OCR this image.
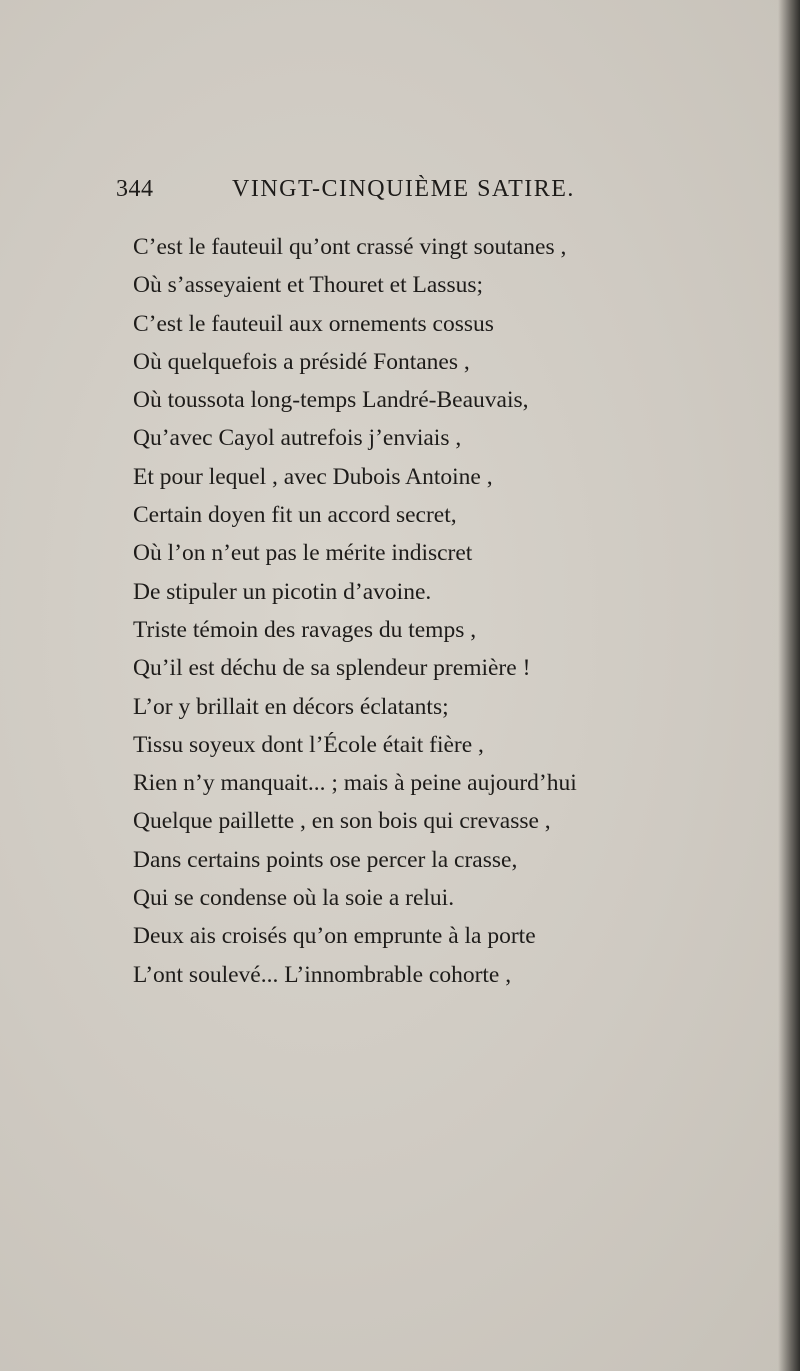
344	VINGT-CINQUIÈME SATIRE.
C’est le fauteuil qu’ont crassé vingt soutanes ,
Où s’asseyaient et Thouret et Lassus;
C’est le fauteuil aux ornements cossus
Où quelquefois a présidé Fontanes ,
Où toussota long-temps Landré-Beauvais,
Qu’avec Cayol autrefois j’enviais ,
Et pour lequel , avec Dubois Antoine ,
Certain doyen fit un accord secret,
Où l’on n’eut pas le mérite indiscret
De stipuler un picotin d’avoine.
Triste témoin des ravages du temps ,
Qu’il est déchu de sa splendeur première !
L’or y brillait en décors éclatants;
Tissu soyeux dont l’École était fière ,
Rien n’y manquait... ; mais à peine aujourd’hui
Quelque paillette , en son bois qui crevasse ,
Dans certains points ose percer la crasse,
Qui se condense où la soie a relui.
Deux ais croisés qu’on emprunte à la porte
L’ont soulevé... L’innombrable cohorte ,
